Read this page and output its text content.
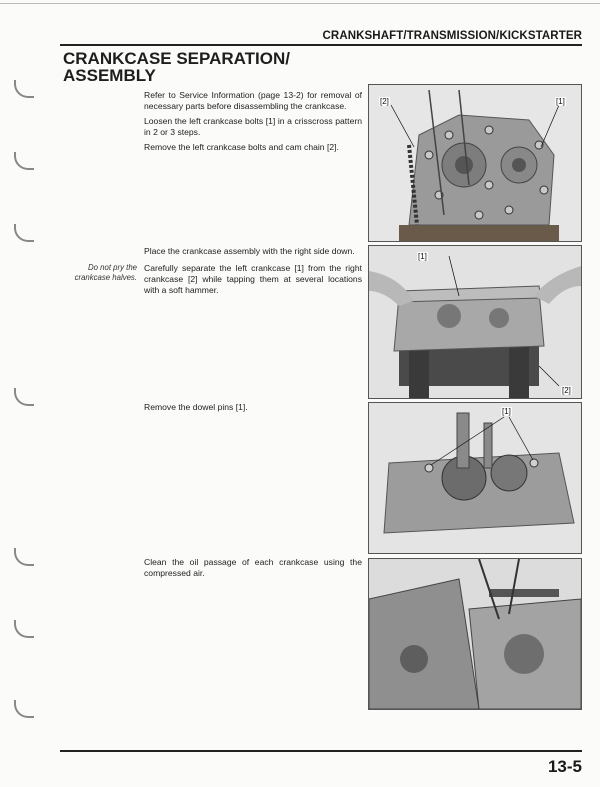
CRANKSHAFT/TRANSMISSION/KICKSTARTER
CRANKCASE SEPARATION/
ASSEMBLY

Refer to Service Information (page 13-2) for removal of necessary parts before disassembling the crankcase.

Loosen the left crankcase bolts [1] in a crisscross pattern in 2 or 3 steps.

Remove the left crankcase bolts and cam chain [2].

Place the crankcase assembly with the right side down.

Do not pry the crankcase halves.

Carefully separate the left crankcase [1] from the right crankcase [2] while tapping them at several locations with a soft hammer.

Remove the dowel pins [1].

Clean the oil passage of each crankcase using the compressed air.

[2]	[1]
[1]
[2]
[1]
13-5
